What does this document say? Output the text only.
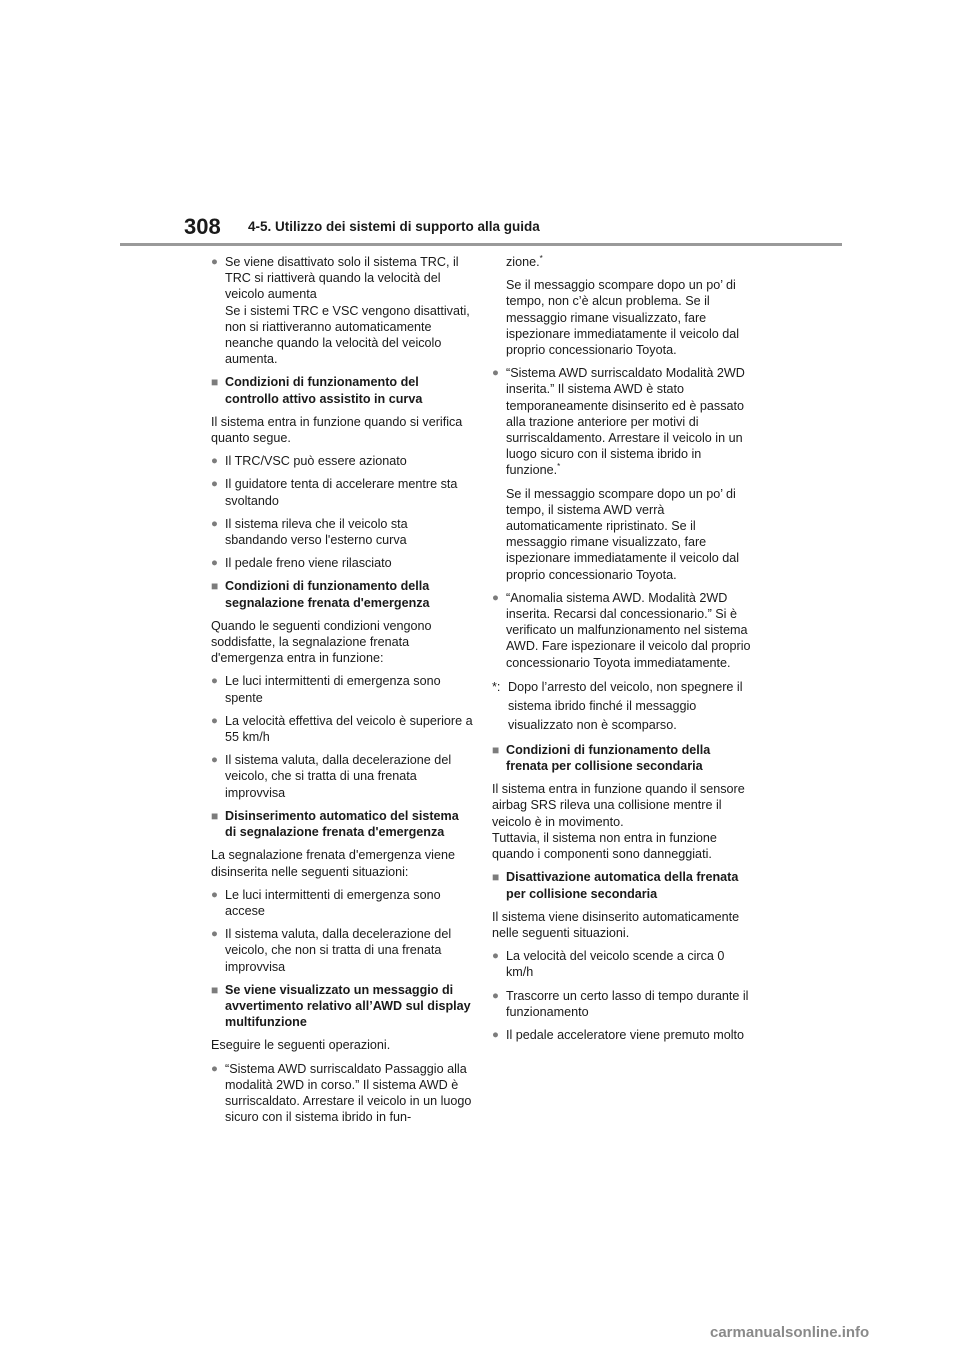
308 4-5. Utilizzo dei sistemi di supporto alla guida
● Se viene disattivato solo il sistema TRC, il TRC si riattiverà quando la velocità del veicolo aumenta
Se i sistemi TRC e VSC vengono disattivati, non si riattiveranno automaticamente neanche quando la velocità del veicolo aumenta.
■ Condizioni di funzionamento del controllo attivo assistito in curva
Il sistema entra in funzione quando si verifica quanto segue.
● Il TRC/VSC può essere azionato
● Il guidatore tenta di accelerare mentre sta svoltando
● Il sistema rileva che il veicolo sta sbandando verso l'esterno curva
● Il pedale freno viene rilasciato
■ Condizioni di funzionamento della segnalazione frenata d'emergenza
Quando le seguenti condizioni vengono soddisfatte, la segnalazione frenata d'emergenza entra in funzione:
● Le luci intermittenti di emergenza sono spente
● La velocità effettiva del veicolo è superiore a 55 km/h
● Il sistema valuta, dalla decelerazione del veicolo, che si tratta di una frenata improvvisa
■ Disinserimento automatico del sistema di segnalazione frenata d'emergenza
La segnalazione frenata d'emergenza viene disinserita nelle seguenti situazioni:
● Le luci intermittenti di emergenza sono accese
● Il sistema valuta, dalla decelerazione del veicolo, che non si tratta di una frenata improvvisa
■ Se viene visualizzato un messaggio di avvertimento relativo all’AWD sul display multifunzione
Eseguire le seguenti operazioni.
● “Sistema AWD surriscaldato Passaggio alla modalità 2WD in corso.” Il sistema AWD è surriscaldato. Arrestare il veicolo in un luogo sicuro con il sistema ibrido in fun-
zione.*
Se il messaggio scompare dopo un po’ di tempo, non c’è alcun problema. Se il messaggio rimane visualizzato, fare ispezionare immediatamente il veicolo dal proprio concessionario Toyota.
● “Sistema AWD surriscaldato Modalità 2WD inserita.” Il sistema AWD è stato temporaneamente disinserito ed è passato alla trazione anteriore per motivi di surriscaldamento. Arrestare il veicolo in un luogo sicuro con il sistema ibrido in funzione.*
Se il messaggio scompare dopo un po’ di tempo, il sistema AWD verrà automaticamente ripristinato. Se il messaggio rimane visualizzato, fare ispezionare immediatamente il veicolo dal proprio concessionario Toyota.
● “Anomalia sistema AWD. Modalità 2WD inserita. Recarsi dal concessionario.” Si è verificato un malfunzionamento nel sistema AWD. Fare ispezionare il veicolo dal proprio concessionario Toyota immediatamente.
*: Dopo l’arresto del veicolo, non spegnere il sistema ibrido finché il messaggio visualizzato non è scomparso.
■ Condizioni di funzionamento della frenata per collisione secondaria
Il sistema entra in funzione quando il sensore airbag SRS rileva una collisione mentre il veicolo è in movimento.
Tuttavia, il sistema non entra in funzione quando i componenti sono danneggiati.
■ Disattivazione automatica della frenata per collisione secondaria
Il sistema viene disinserito automaticamente nelle seguenti situazioni.
● La velocità del veicolo scende a circa 0 km/h
● Trascorre un certo lasso di tempo durante il funzionamento
● Il pedale acceleratore viene premuto molto
carmanualsonline.info
